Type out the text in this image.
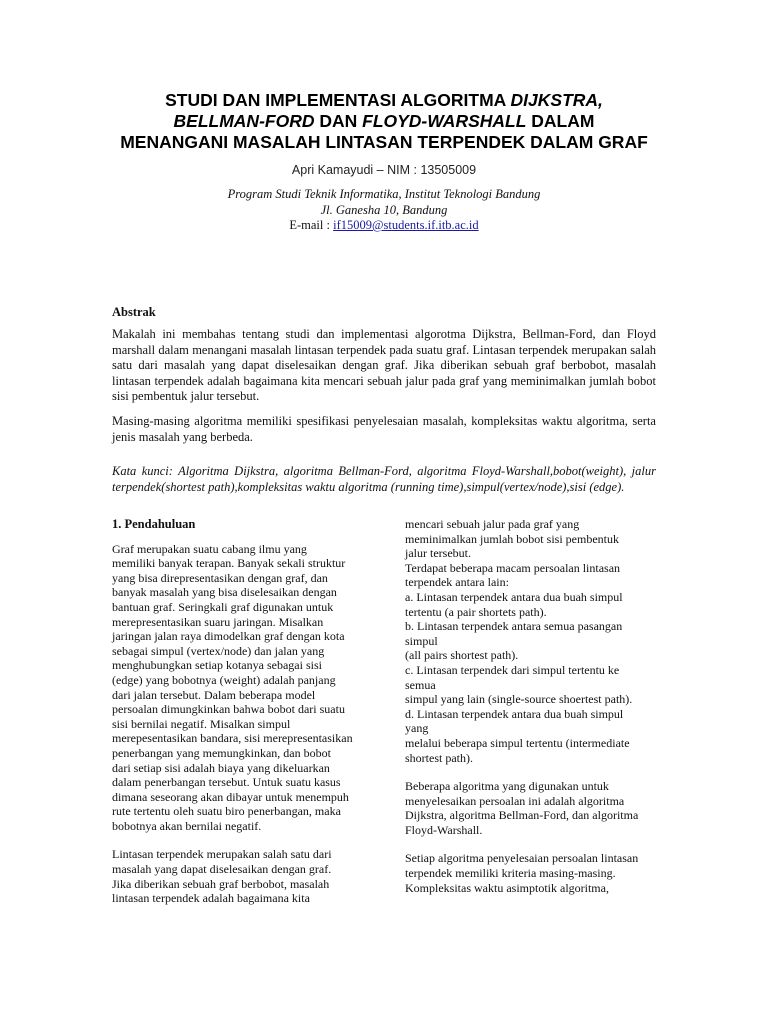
STUDI DAN IMPLEMENTASI ALGORITMA DIJKSTRA,
BELLMAN-FORD DAN FLOYD-WARSHALL DALAM
MENANGANI MASALAH LINTASAN TERPENDEK DALAM GRAF
Apri Kamayudi – NIM : 13505009
Program Studi Teknik Informatika, Institut Teknologi Bandung
Jl. Ganesha 10, Bandung
E-mail : if15009@students.if.itb.ac.id
Abstrak

Makalah ini membahas tentang studi dan implementasi algorotma Dijkstra, Bellman-Ford, dan Floyd marshall dalam menangani masalah lintasan terpendek pada suatu graf. Lintasan terpendek merupakan salah satu dari masalah yang dapat diselesaikan dengan graf. Jika diberikan sebuah graf berbobot, masalah lintasan terpendek adalah bagaimana kita mencari sebuah jalur pada graf yang meminimalkan jumlah bobot sisi pembentuk jalur tersebut.

Masing-masing algoritma memiliki spesifikasi penyelesaian masalah, kompleksitas waktu algoritma, serta jenis masalah yang berbeda.

Kata kunci: Algoritma Dijkstra, algoritma Bellman-Ford, algoritma Floyd-Warshall,bobot(weight), jalur terpendek(shortest path),kompleksitas waktu algoritma (running time),simpul(vertex/node),sisi (edge).

1. Pendahuluan
Graf merupakan suatu cabang ilmu yang
memiliki banyak terapan. Banyak sekali struktur
yang bisa direpresentasikan dengan graf, dan
banyak masalah yang bisa diselesaikan dengan
bantuan graf. Seringkali graf digunakan untuk
merepresentasikan suaru jaringan. Misalkan
jaringan jalan raya dimodelkan graf dengan kota
sebagai simpul (vertex/node) dan jalan yang
menghubungkan setiap kotanya sebagai sisi
(edge) yang bobotnya (weight) adalah panjang
dari jalan tersebut. Dalam beberapa model
persoalan dimungkinkan bahwa bobot dari suatu
sisi bernilai negatif. Misalkan simpul
merepesentasikan bandara, sisi merepresentasikan
penerbangan yang memungkinkan, dan bobot
dari setiap sisi adalah biaya yang dikeluarkan
dalam penerbangan tersebut. Untuk suatu kasus
dimana seseorang akan dibayar untuk menempuh
rute tertentu oleh suatu biro penerbangan, maka
bobotnya akan bernilai negatif.
Lintasan terpendek merupakan salah satu dari
masalah yang dapat diselesaikan dengan graf.
Jika diberikan sebuah graf berbobot, masalah
lintasan terpendek adalah bagaimana kita
mencari sebuah jalur pada graf yang
meminimalkan jumlah bobot sisi pembentuk
jalur tersebut.
Terdapat beberapa macam persoalan lintasan
terpendek antara lain:
a. Lintasan terpendek antara dua buah simpul
tertentu (a pair shortets path).
b. Lintasan terpendek antara semua pasangan
simpul
(all pairs shortest path).
c. Lintasan terpendek dari simpul tertentu ke
semua
simpul yang lain (single-source shoertest path).
d. Lintasan terpendek antara dua buah simpul
yang
melalui beberapa simpul tertentu (intermediate
shortest path).
Beberapa algoritma yang digunakan untuk
menyelesaikan persoalan ini adalah algoritma
Dijkstra, algoritma Bellman-Ford, dan algoritma
Floyd-Warshall.
Setiap algoritma penyelesaian persoalan lintasan
terpendek memiliki kriteria masing-masing.
Kompleksitas waktu asimptotik algoritma,
